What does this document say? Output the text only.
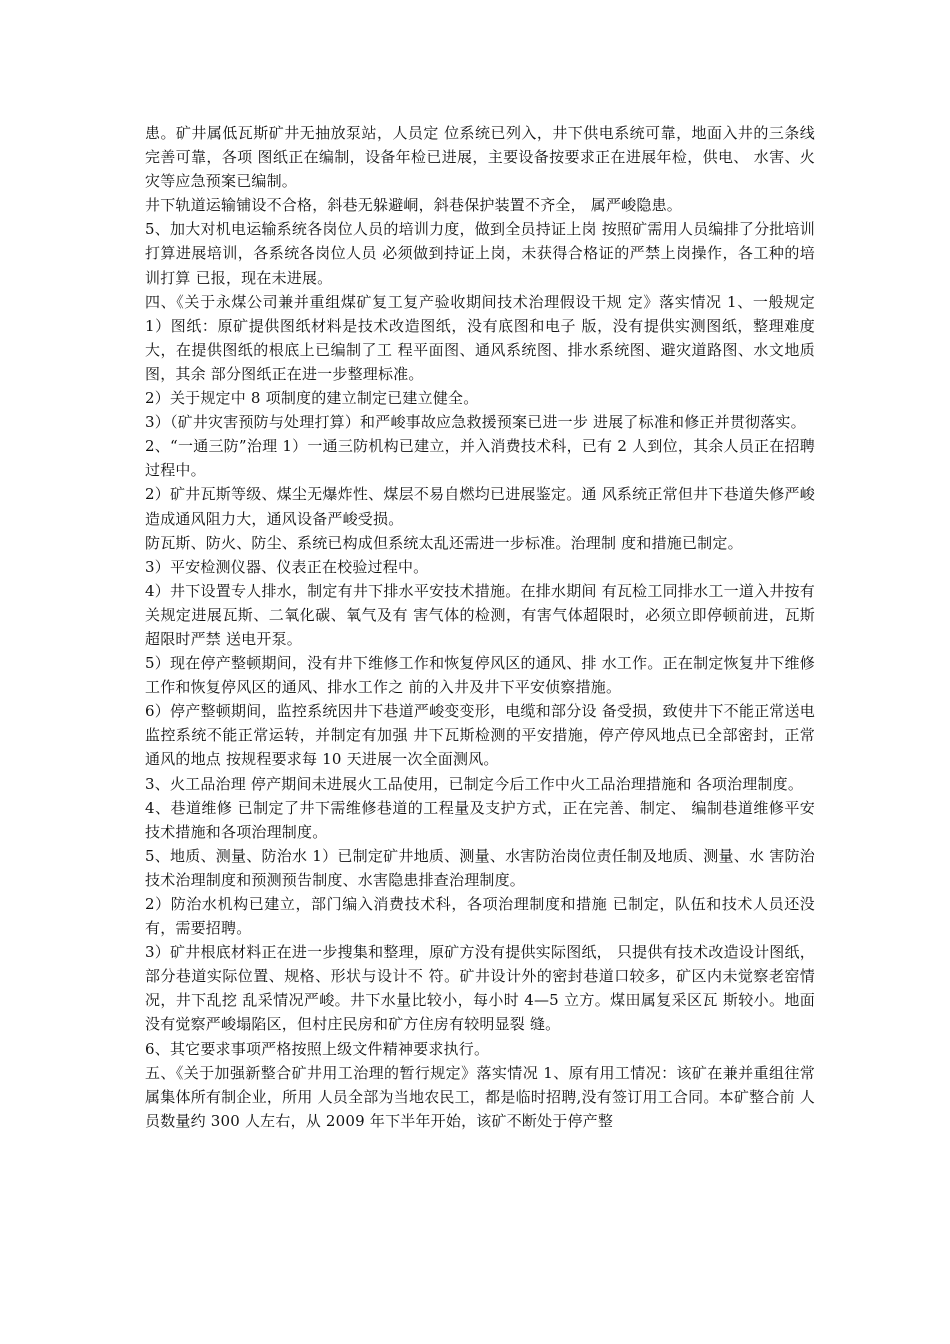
患。矿井属低瓦斯矿井无抽放泵站，人员定 位系统已列入，井下供电系统可靠，地面入井的三条线完善可靠，各项 图纸正在编制，设备年检已进展，主要设备按要求正在进展年检，供电、 水害、火灾等应急预案已编制。

井下轨道运输铺设不合格，斜巷无躲避峒，斜巷保护装置不齐全， 属严峻隐患。

5、加大对机电运输系统各岗位人员的培训力度，做到全员持证上岗 按照矿需用人员编排了分批培训打算进展培训，各系统各岗位人员 必须做到持证上岗，未获得合格证的严禁上岗操作，各工种的培训打算 已报，现在未进展。

四、《关于永煤公司兼并重组煤矿复工复产验收期间技术治理假设干规 定》落实情况 1、一般规定 1）图纸：原矿提供图纸材料是技术改造图纸，没有底图和电子 版，没有提供实测图纸，整理难度大，在提供图纸的根底上已编制了工 程平面图、通风系统图、排水系统图、避灾道路图、水文地质图，其余 部分图纸正在进一步整理标准。

2）关于规定中 8 项制度的建立制定已建立健全。

3）（矿井灾害预防与处理打算）和严峻事故应急救援预案已进一步 进展了标准和修正并贯彻落实。

2、“一通三防”治理 1）一通三防机构已建立，并入消费技术科，已有 2 人到位，其余人员正在招聘过程中。

2）矿井瓦斯等级、煤尘无爆炸性、煤层不易自燃均已进展鉴定。通 风系统正常但井下巷道失修严峻造成通风阻力大，通风设备严峻受损。

防瓦斯、防火、防尘、系统已构成但系统太乱还需进一步标准。治理制 度和措施已制定。

3）平安检测仪器、仪表正在校验过程中。

4）井下设置专人排水，制定有井下排水平安技术措施。在排水期间 有瓦检工同排水工一道入井按有关规定进展瓦斯、二氧化碳、氧气及有 害气体的检测，有害气体超限时，必须立即停顿前进，瓦斯超限时严禁 送电开泵。

5）现在停产整顿期间，没有井下维修工作和恢复停风区的通风、排 水工作。正在制定恢复井下维修工作和恢复停风区的通风、排水工作之 前的入井及井下平安侦察措施。

6）停产整顿期间，监控系统因井下巷道严峻变变形，电缆和部分设 备受损，致使井下不能正常送电监控系统不能正常运转，并制定有加强 井下瓦斯检测的平安措施，停产停风地点已全部密封，正常通风的地点 按规程要求每 10 天进展一次全面测风。

3、火工品治理 停产期间未进展火工品使用，已制定今后工作中火工品治理措施和 各项治理制度。

4、巷道维修 已制定了井下需维修巷道的工程量及支护方式，正在完善、制定、 编制巷道维修平安技术措施和各项治理制度。

5、地质、测量、防治水 1）已制定矿井地质、测量、水害防治岗位责任制及地质、测量、水 害防治技术治理制度和预测预告制度、水害隐患排查治理制度。

2）防治水机构已建立，部门编入消费技术科，各项治理制度和措施 已制定，队伍和技术人员还没有，需要招聘。

3）矿井根底材料正在进一步搜集和整理，原矿方没有提供实际图纸， 只提供有技术改造设计图纸，部分巷道实际位置、规格、形状与设计不 符。矿井设计外的密封巷道口较多，矿区内未觉察老窑情况，井下乱挖 乱采情况严峻。井下水量比较小，每小时 4—5 立方。煤田属复采区瓦 斯较小。地面没有觉察严峻塌陷区，但村庄民房和矿方住房有较明显裂 缝。

6、其它要求事项严格按照上级文件精神要求执行。

五、《关于加强新整合矿井用工治理的暂行规定》落实情况 1、原有用工情况：该矿在兼并重组往常属集体所有制企业，所用 人员全部为当地农民工，都是临时招聘,没有签订用工合同。本矿整合前 人员数量约 300 人左右，从 2009 年下半年开始，该矿不断处于停产整
